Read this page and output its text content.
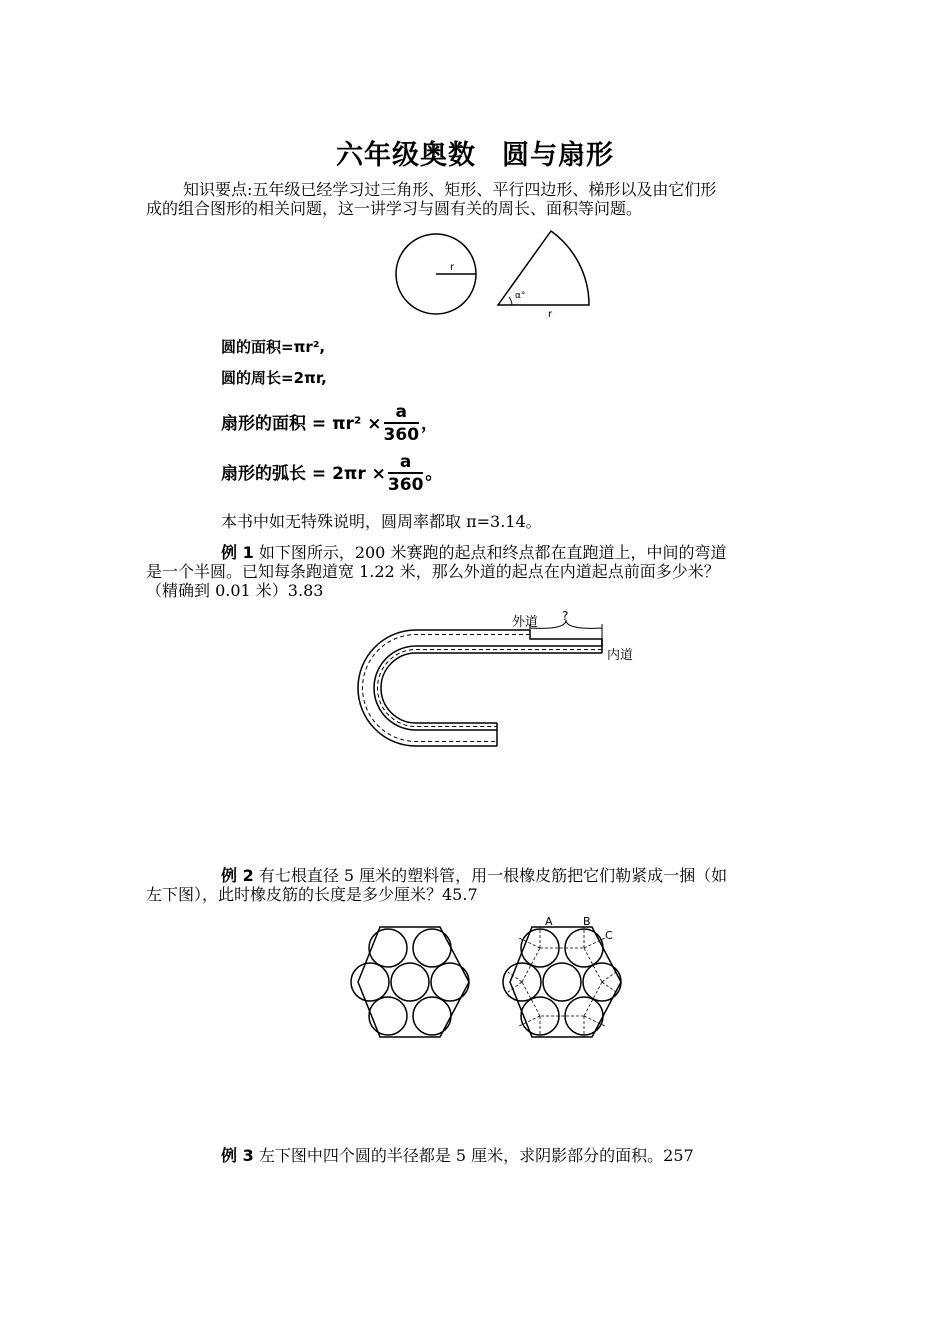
六年级奥数 圆与扇形
知识要点:五年级已经学习过三角形、矩形、平行四边形、梯形以及由它们形
成的组合图形的相关问题，这一讲学习与圆有关的周长、面积等问题。
r
α°
r
圆的面积=πr²,
圆的周长=2πr,
扇形的面积 = $\pi r^2 \times \frac{a}{360}$ ，
扇形的弧长 = $2\pi r \times \frac{a}{360}$ 。
本书中如无特殊说明，圆周率都取 π=3.14。
例 1 如下图所示，200 米赛跑的起点和终点都在直跑道上，中间的弯道
是一个半圆。已知每条跑道宽 1.22 米，那么外道的起点在内道起点前面多少米？
（精确到 0.01 米）3.83
外道 ?
内道
例 2 有七根直径 5 厘米的塑料管，用一根橡皮筋把它们勒紧成一捆（如
左下图），此时橡皮筋的长度是多少厘米？45.7
A	B
C
例 3 左下图中四个圆的半径都是 5 厘米，求阴影部分的面积。257
